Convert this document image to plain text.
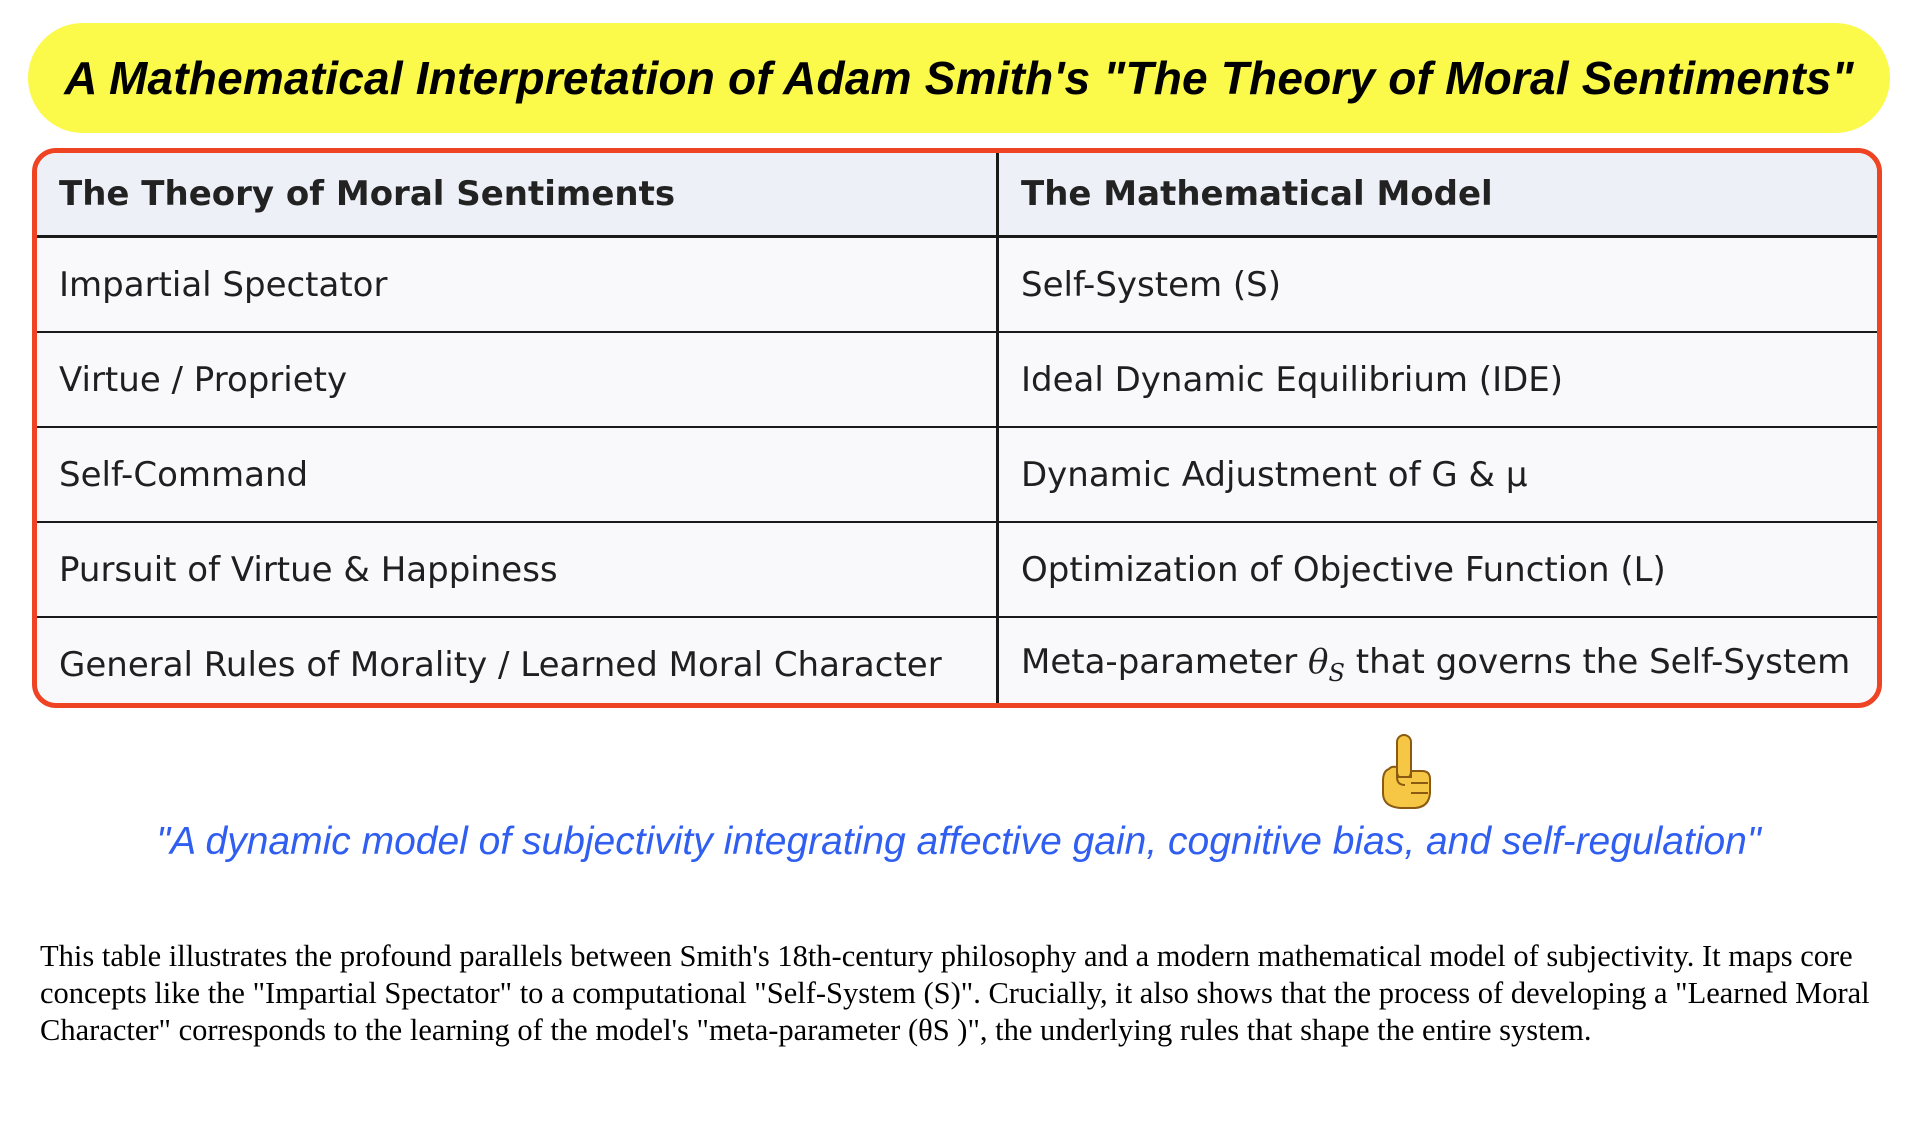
A Mathematical Interpretation of Adam Smith's "The Theory of Moral Sentiments"
The Theory of Moral Sentiments	The Mathematical Model
Impartial Spectator	Self-System (S)
Virtue / Propriety	Ideal Dynamic Equilibrium (IDE)
Self-Command	Dynamic Adjustment of G & μ
Pursuit of Virtue & Happiness	Optimization of Objective Function (L)
General Rules of Morality / Learned Moral Character	Meta-parameter $\theta_S$ that governs the Self-System
"A dynamic model of subjectivity integrating affective gain, cognitive bias, and self-regulation"

This table illustrates the profound parallels between Smith's 18th-century philosophy and a modern mathematical model of subjectivity. It maps core concepts like the "Impartial Spectator" to a computational "Self-System (S)". Crucially, it also shows that the process of developing a "Learned Moral Character" corresponds to the learning of the model's "meta-parameter (θS )", the underlying rules that shape the entire system.
